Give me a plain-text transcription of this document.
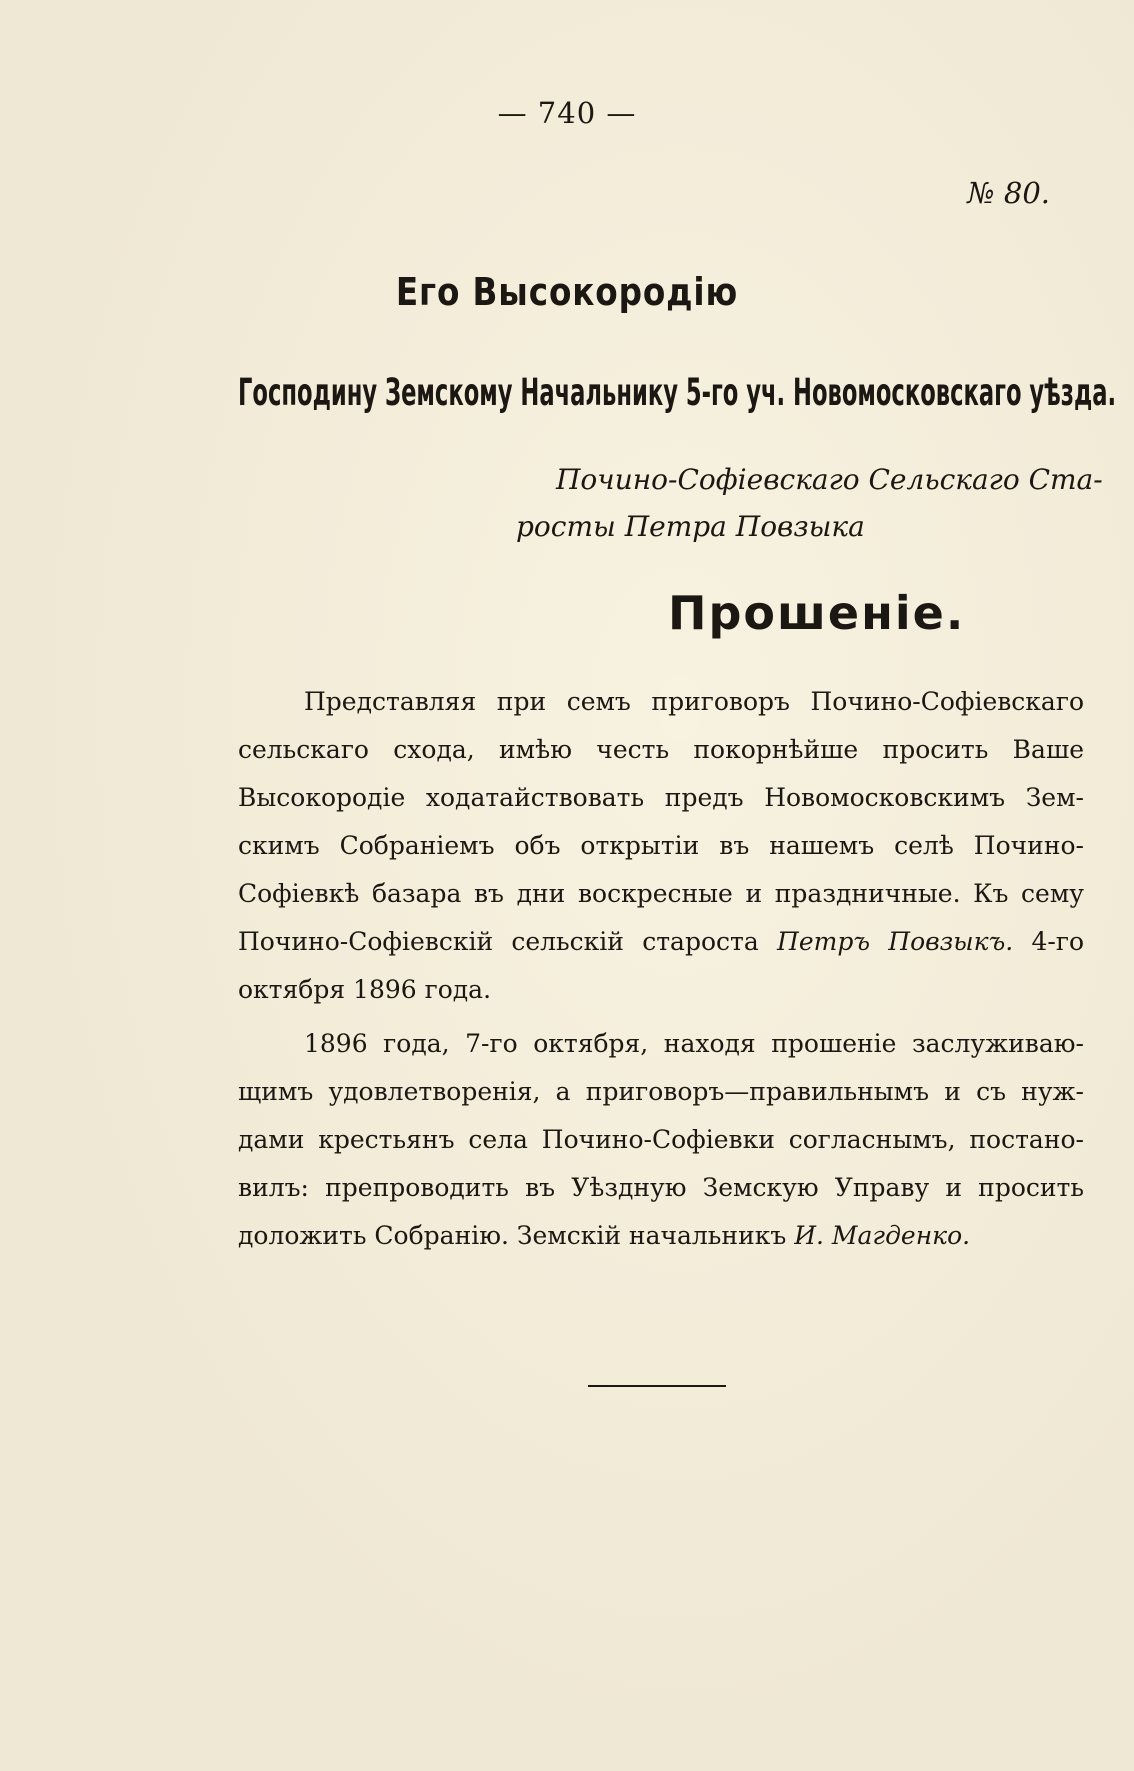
— 740 —
№ 80.
Его Высокородію
Господину Земскому Начальнику 5-го уч. Новомосковскаго уѣзда.
Почино-Софіевскаго Сельскаго Ста-
росты Петра Повзыка
Прошеніе.
Представляя при семъ приговоръ Почино-Софіевскаго
сельскаго схода, имѣю честь покорнѣйше просить Ваше
Высокородіе ходатайствовать предъ Новомосковскимъ Зем-
скимъ Собраніемъ объ открытіи въ нашемъ селѣ Почино-
Софіевкѣ базара въ дни воскресные и праздничные. Къ сему
Почино-Софіевскій сельскій староста Петръ Повзыкъ. 4-го
октября 1896 года.
1896 года, 7-го октября, находя прошеніе заслуживаю-
щимъ удовлетворенія, а приговоръ—правильнымъ и съ нуж-
дами крестьянъ села Почино-Софіевки согласнымъ, постано-
вилъ: препроводить въ Уѣздную Земскую Управу и просить
доложить Собранію. Земскій начальникъ И. Магденко.
